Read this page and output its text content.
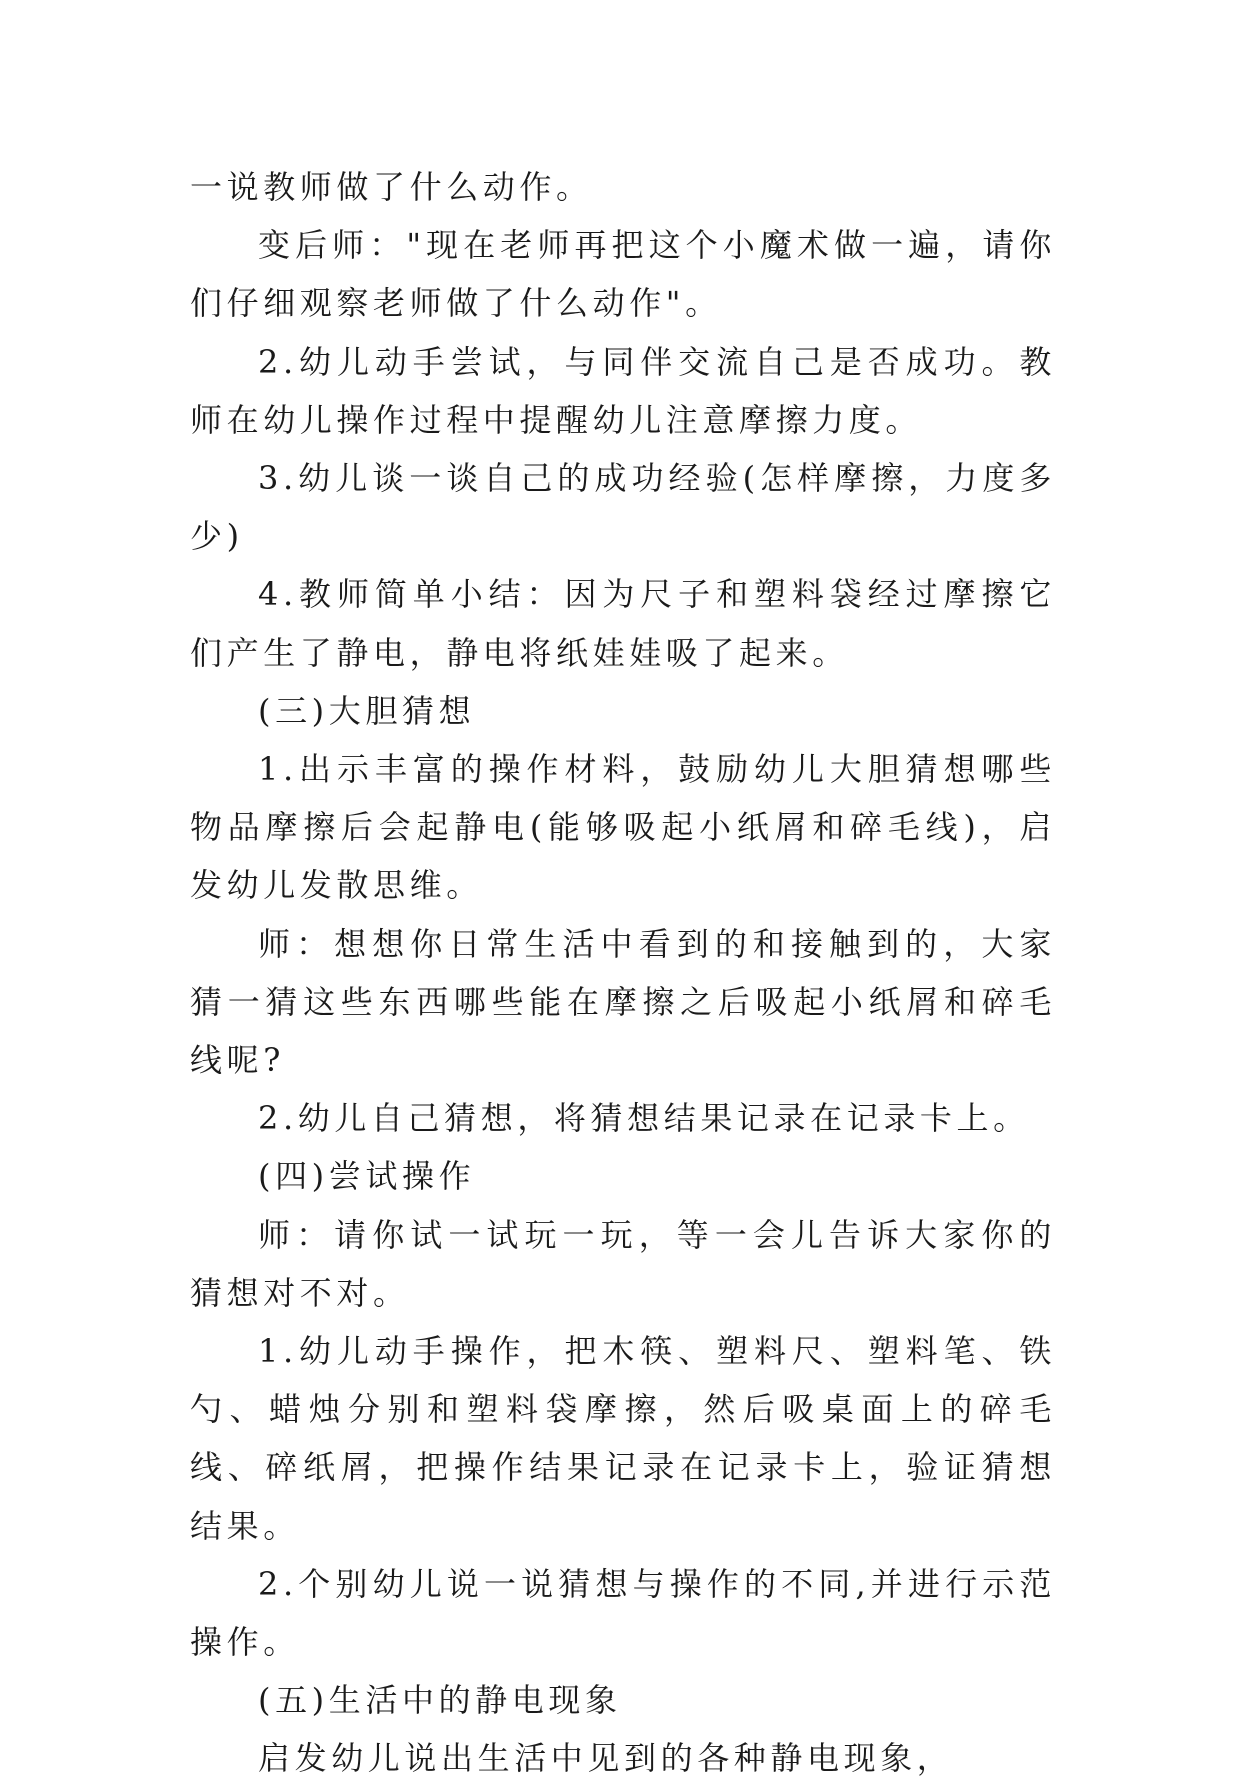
一说教师做了什么动作。

变后师："现在老师再把这个小魔术做一遍，请你们仔细观察老师做了什么动作"。

2.幼儿动手尝试，与同伴交流自己是否成功。教师在幼儿操作过程中提醒幼儿注意摩擦力度。

3.幼儿谈一谈自己的成功经验(怎样摩擦，力度多少)

4.教师简单小结：因为尺子和塑料袋经过摩擦它们产生了静电，静电将纸娃娃吸了起来。

(三)大胆猜想

1.出示丰富的操作材料，鼓励幼儿大胆猜想哪些物品摩擦后会起静电(能够吸起小纸屑和碎毛线)，启发幼儿发散思维。

师：想想你日常生活中看到的和接触到的，大家猜一猜这些东西哪些能在摩擦之后吸起小纸屑和碎毛线呢?

2.幼儿自己猜想，将猜想结果记录在记录卡上。

(四)尝试操作

师：请你试一试玩一玩，等一会儿告诉大家你的猜想对不对。

1.幼儿动手操作，把木筷、塑料尺、塑料笔、铁勺、蜡烛分别和塑料袋摩擦，然后吸桌面上的碎毛线、碎纸屑，把操作结果记录在记录卡上，验证猜想结果。

2.个别幼儿说一说猜想与操作的不同,并进行示范操作。

(五)生活中的静电现象

启发幼儿说出生活中见到的各种静电现象，
